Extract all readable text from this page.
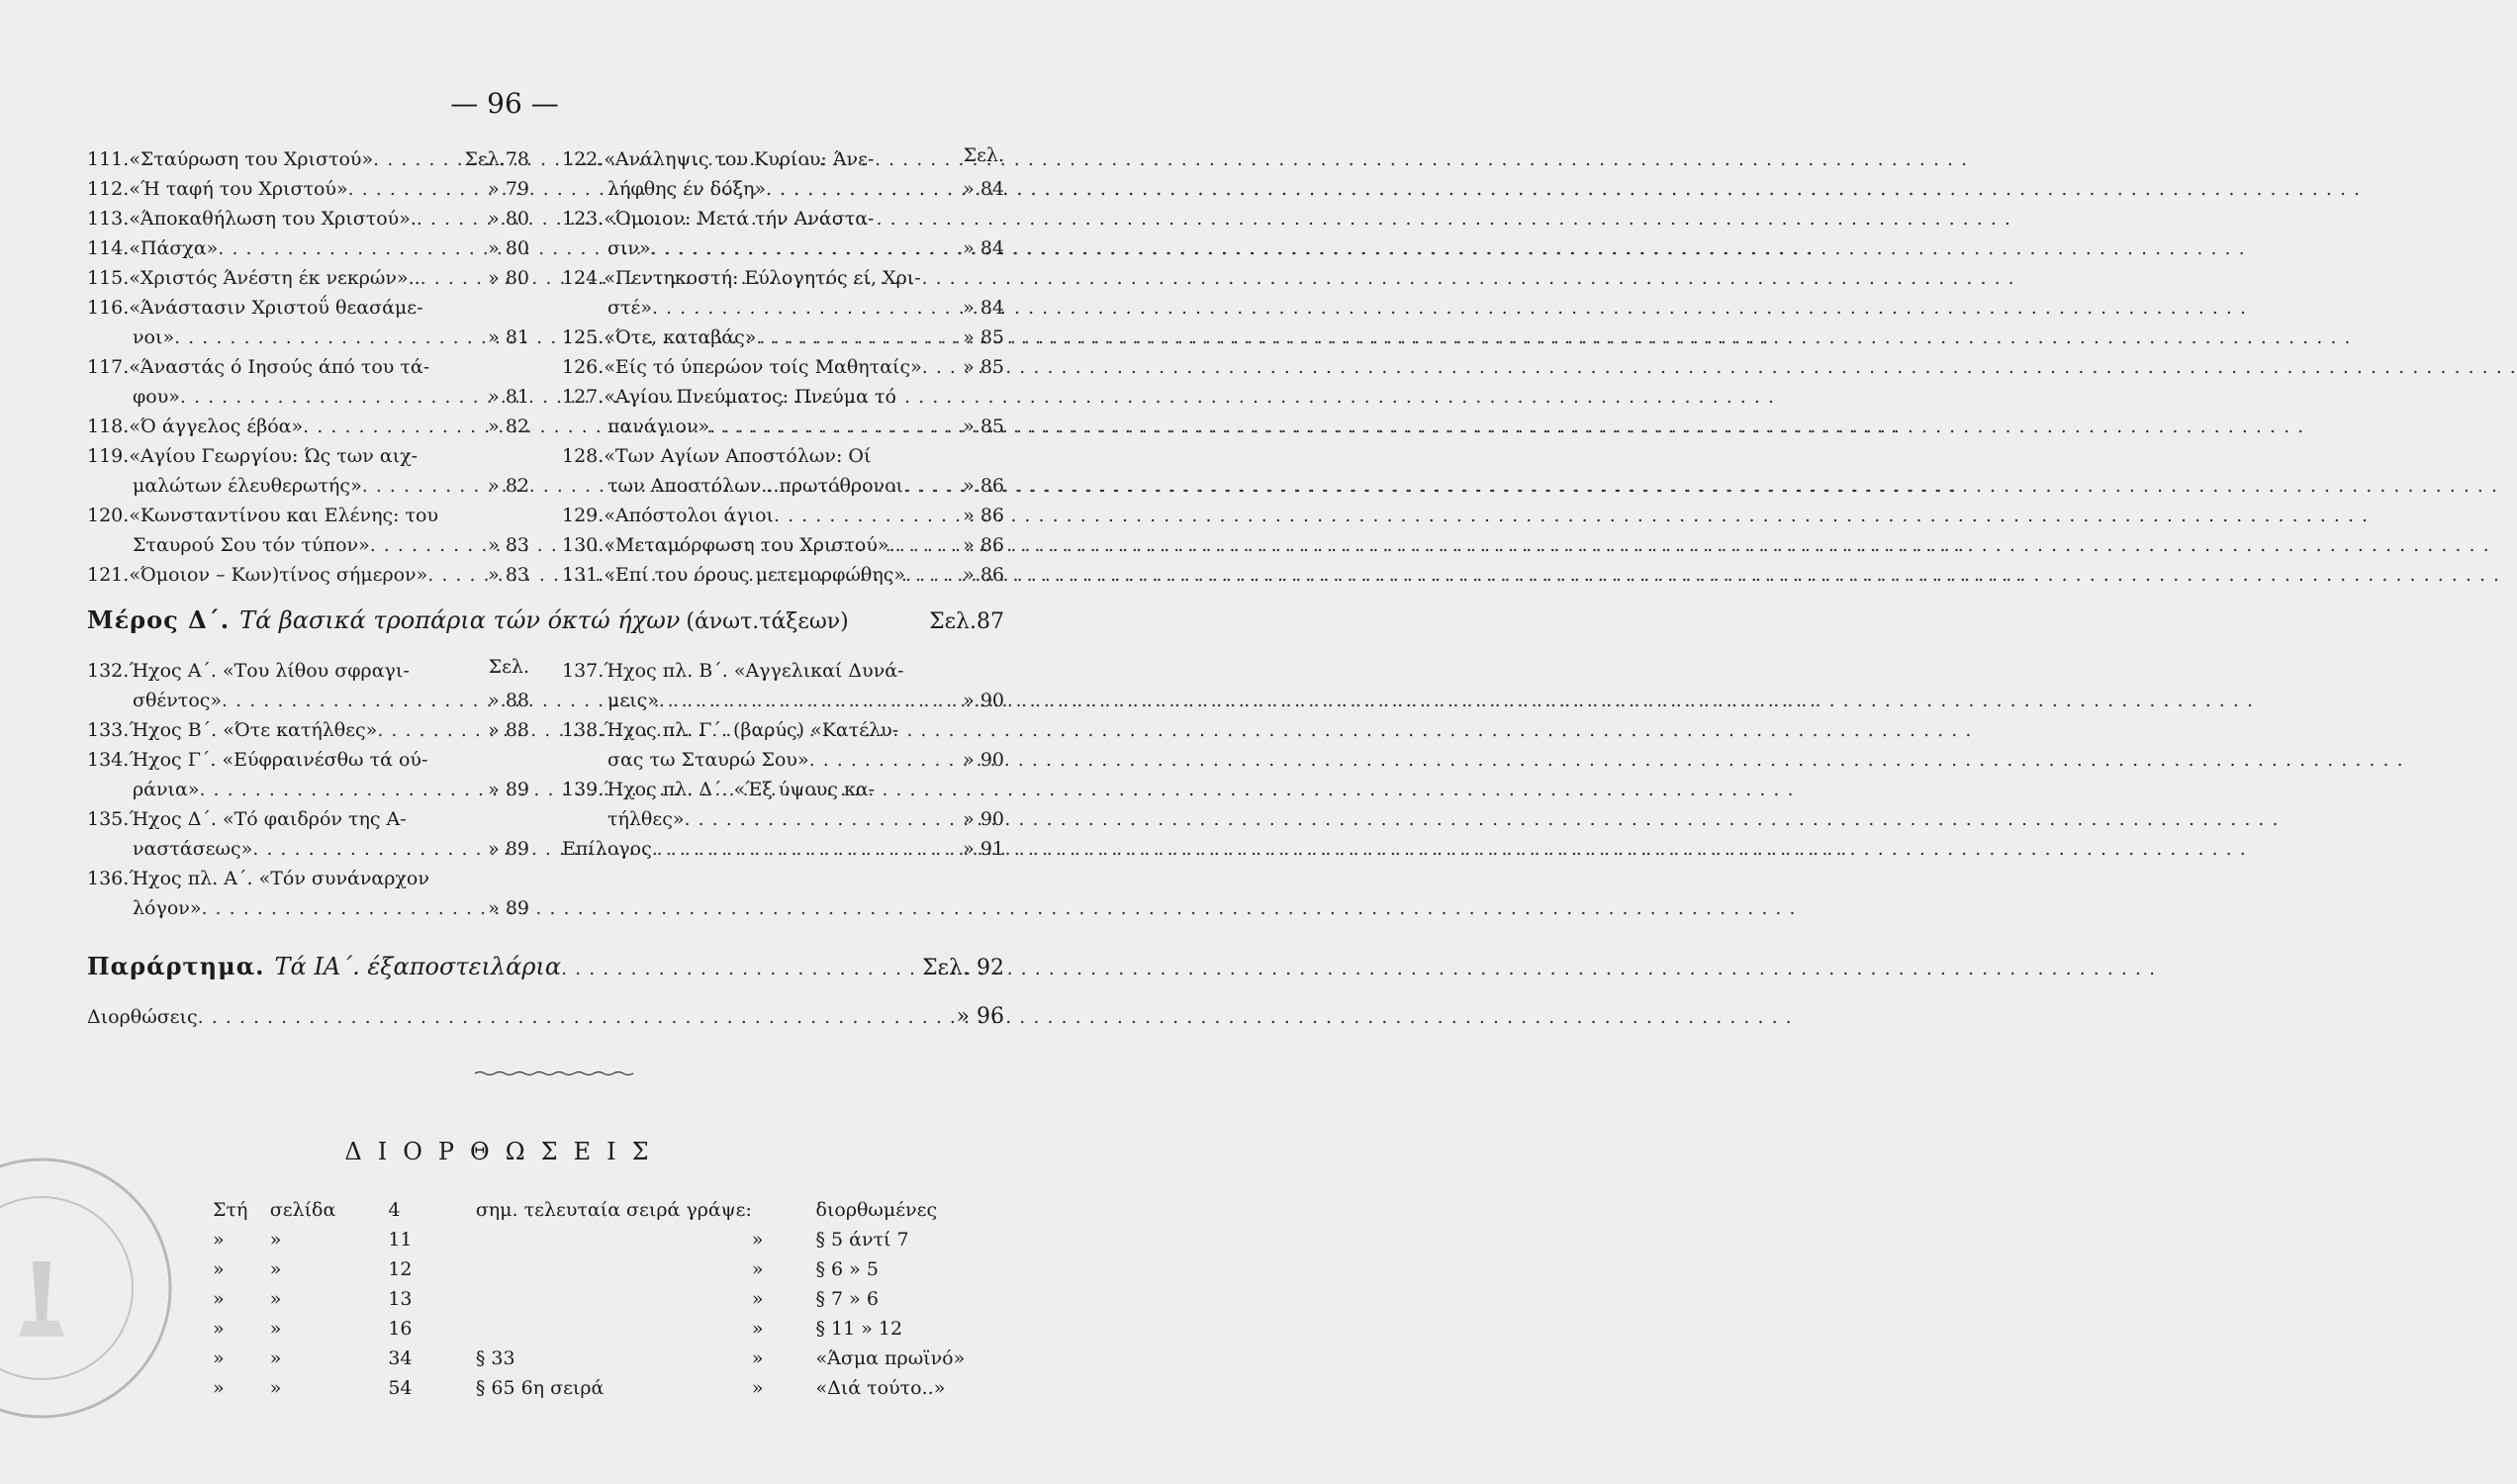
— 96 —
111. «Σταύρωση του Χριστού» . . .	Σελ.78
112. «Ή ταφή του Χριστού» . . .	» 79
113. «Άποκαθήλωση του Χριστού». . . .	» 80
114. «Πάσχα» . . .	» 80
115. «Χριστός Άνέστη έκ νεκρών».. . . .	» 80
116. «Άνάστασιν Χριστοΰ θεασάμε-
νοι» . . .	» 81
117. «Άναστάς ό Ιησούς άπό του τά-
φου» . . .	» 81
118. «Ό άγγελος έβόα» . . .	» 82
119. «Αγίου Γεωργίου: Ώς των αιχ-
μαλώτων έλευθερωτής» . . .	» 82
120. «Κωνσταντίνου και Ελένης: του
Σταυρού Σου τόν τύπον» . . .	» 83
121. «Όμοιον – Κων)τίνος σήμερον» . . .	» 83
Σελ.
122. «Ανάληψις του Κυρίου: Άνε-
λήφθης έν δόξη» . . .	» 84
123. «Όμοιον: Μετά τήν Ανάστα-
σιν» . . .	» 84
124. «Πεντηκοστή: Εύλογητός εί, Χρι-
στέ» . . .	» 84
125. «Ότε, καταβάς» . . .	» 85
126. «Είς τό ύπερώον τοίς Μαθηταίς» . . . » 85
127. «Αγίου Πνεύματος: Πνεύμα τό
πανάγιον» . . .	» 85
128. «Των Αγίων Αποστόλων: Οί
των Αποστόλων...πρωτόθρονοι . . .	» 86
129. «Απόστολοι άγιοι . . .	» 86
130. «Μεταμόρφωση του Χριστού». . . .	» 86
131. «Επί του όρους μετεμορφώθης» . . .	» 86
Μέρος Δ΄. Τά βασικά τροπάρια τών όκτώ ήχων (άνωτ.τάξεων)	Σελ.87
Σελ.
132. Ήχος Α΄. «Του λίθου σφραγι-
σθέντος» . . .	» 88
133. Ήχος Β΄. «Ότε κατήλθες» . . .	» 88
134. Ήχος Γ΄. «Εύφραινέσθω τά ού-
ράνια» . . .	» 89
135. Ήχος Δ΄. «Τό φαιδρόν της Α-
ναστάσεως» . . .	» 89
136. Ήχος πλ. Α΄. «Τόν συνάναρχον
λόγον» . . .	» 89
137. Ήχος πλ. Β΄. «Αγγελικαί Δυνά-
μεις» . . .	» 90
138. Ήχος πλ. Γ΄. (βαρύς) «Κατέλυ-
σας τω Σταυρώ Σου» . . .	» 90
139. Ήχος πλ. Δ΄. «Έξ ύψους κα-
τήλθες» . . .	» 90
Επίλογος . . .	» 91
Παράρτημα. Τά ΙΑ΄. έξαποστειλάρια . . .	Σελ. 92
Διορθώσεις . . .	» 96
ΔΙΟΡΘΩΣΕΙΣ
Στή	σελίδα	4	σημ. τελευταία σειρά γράψε:		διορθωμένες
»	»	11		»	§ 5 άντί 7
»	»	12		»	§ 6 » 5
»	»	13		»	§ 7 » 6
»	»	16		»	§ 11 » 12
»	»	34	§ 33	»	«Άσμα πρωϊνό»
»	»	54	§ 65 6η σειρά	»	«Διά τούτο..»
